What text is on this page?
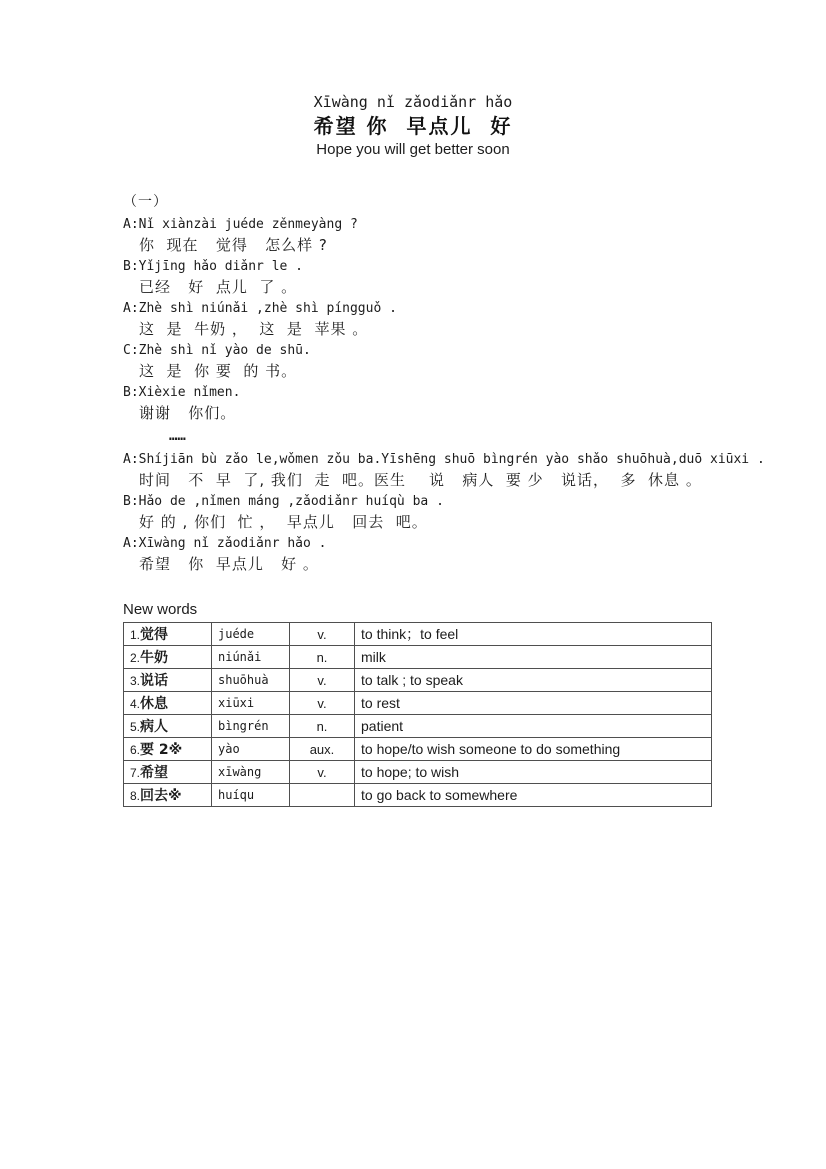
Xīwàng nǐ zǎodiǎnr hǎo
希望 你  早点儿  好
Hope you will get better soon
（一）
A:Nǐ xiànzài juéde zěnmeyàng ?
你  现在   觉得   怎么样 ?
B:Yǐjīng hǎo diǎnr le .
已经   好  点儿  了 。
A:Zhè shì niúnǎi ,zhè shì píngguǒ .
这  是  牛奶 ，  这  是  苹果 。
C:Zhè shì nǐ yào de shū.
这  是  你 要  的 书。
B:Xièxie nǐmen.
谢谢   你们。
……
A:Shíjiān bù zǎo le,wǒmen zǒu ba.Yīshēng shuō bìngrén yào shǎo shuōhuà,duō xiūxi .
时间   不  早  了, 我们  走  吧。医生    说   病人  要 少   说话，  多  休息 。
B:Hǎo de ,nǐmen máng ,zǎodiǎnr huíqù ba .
好 的 , 你们  忙 ，  早点儿   回去  吧。
A:Xīwàng nǐ zǎodiǎnr hǎo .
希望   你  早点儿   好 。
New words
1.觉得	juéde	v.	to think；to feel
2.牛奶	niúnǎi	n.	milk
3.说话	shuōhuà	v.	to talk ; to speak
4.休息	xiūxi	v.	to rest
5.病人	bìngrén	n.	patient
6.要 2※	yào	aux.	to hope/to wish someone to do something
7.希望	xīwàng	v.	to hope; to wish
8.回去※	huíqu		to go back to somewhere
